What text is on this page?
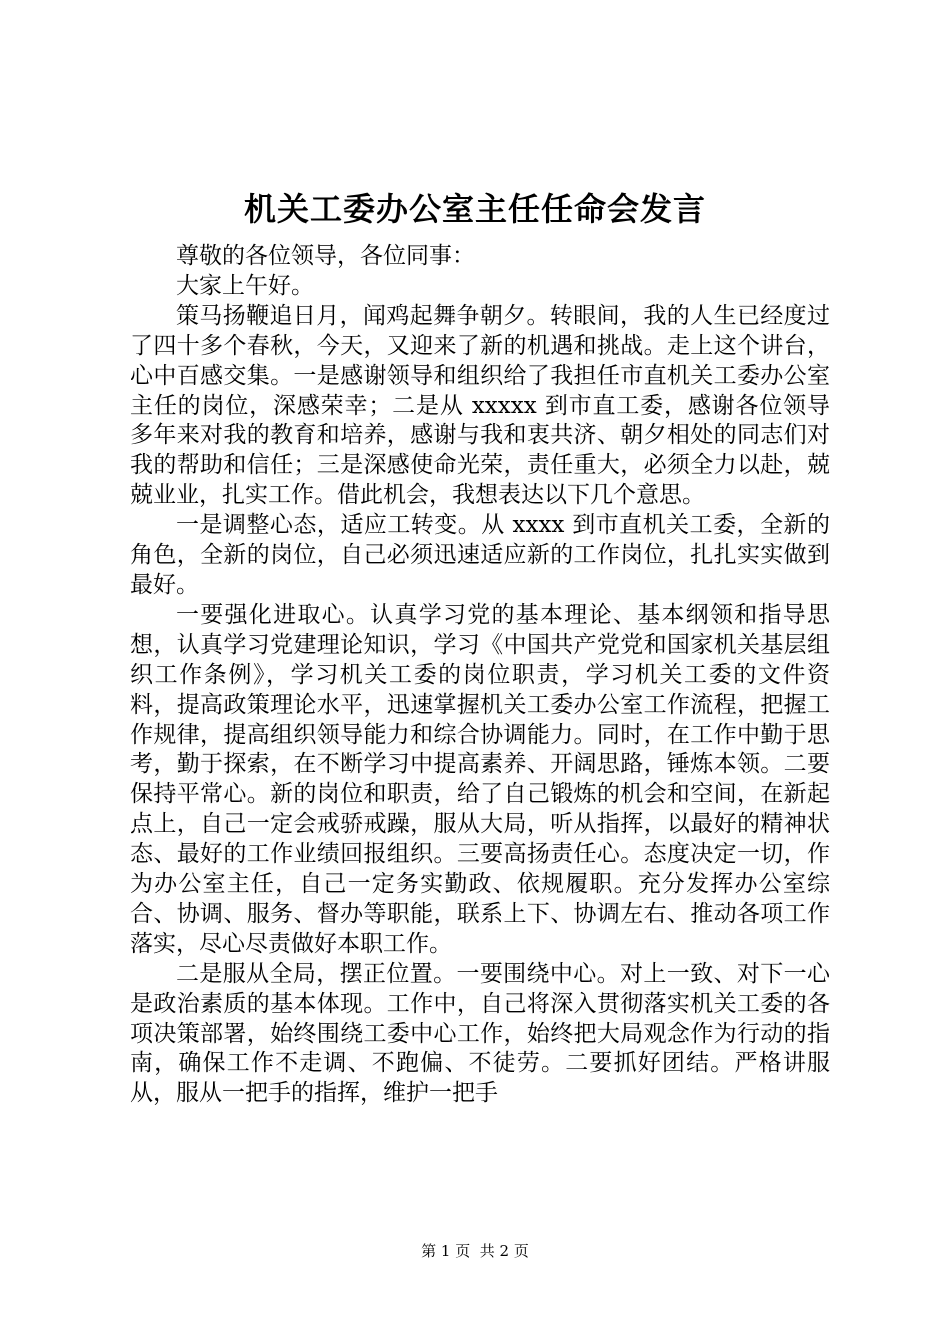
机关工委办公室主任任命会发言

尊敬的各位领导，各位同事：

大家上午好。

策马扬鞭追日月，闻鸡起舞争朝夕。转眼间，我的人生已经度过了四十多个春秋，今天，又迎来了新的机遇和挑战。走上这个讲台，心中百感交集。一是感谢领导和组织给了我担任市直机关工委办公室主任的岗位，深感荣幸；二是从 xxxxx 到市直工委，感谢各位领导多年来对我的教育和培养，感谢与我和衷共济、朝夕相处的同志们对我的帮助和信任；三是深感使命光荣，责任重大，必须全力以赴，兢兢业业，扎实工作。借此机会，我想表达以下几个意思。

一是调整心态，适应工转变。从 xxxx 到市直机关工委，全新的角色，全新的岗位，自己必须迅速适应新的工作岗位，扎扎实实做到最好。

一要强化进取心。认真学习党的基本理论、基本纲领和指导思想，认真学习党建理论知识，学习《中国共产党党和国家机关基层组织工作条例》，学习机关工委的岗位职责，学习机关工委的文件资料，提高政策理论水平，迅速掌握机关工委办公室工作流程，把握工作规律，提高组织领导能力和综合协调能力。同时，在工作中勤于思考，勤于探索，在不断学习中提高素养、开阔思路，锤炼本领。二要保持平常心。新的岗位和职责，给了自己锻炼的机会和空间，在新起点上，自己一定会戒骄戒躁，服从大局，听从指挥，以最好的精神状态、最好的工作业绩回报组织。三要高扬责任心。态度决定一切，作为办公室主任，自己一定务实勤政、依规履职。充分发挥办公室综合、协调、服务、督办等职能，联系上下、协调左右、推动各项工作落实，尽心尽责做好本职工作。

二是服从全局，摆正位置。一要围绕中心。对上一致、对下一心是政治素质的基本体现。工作中，自己将深入贯彻落实机关工委的各项决策部署，始终围绕工委中心工作，始终把大局观念作为行动的指南，确保工作不走调、不跑偏、不徒劳。二要抓好团结。严格讲服从，服从一把手的指挥，维护一把手

第 1 页 共 2 页
